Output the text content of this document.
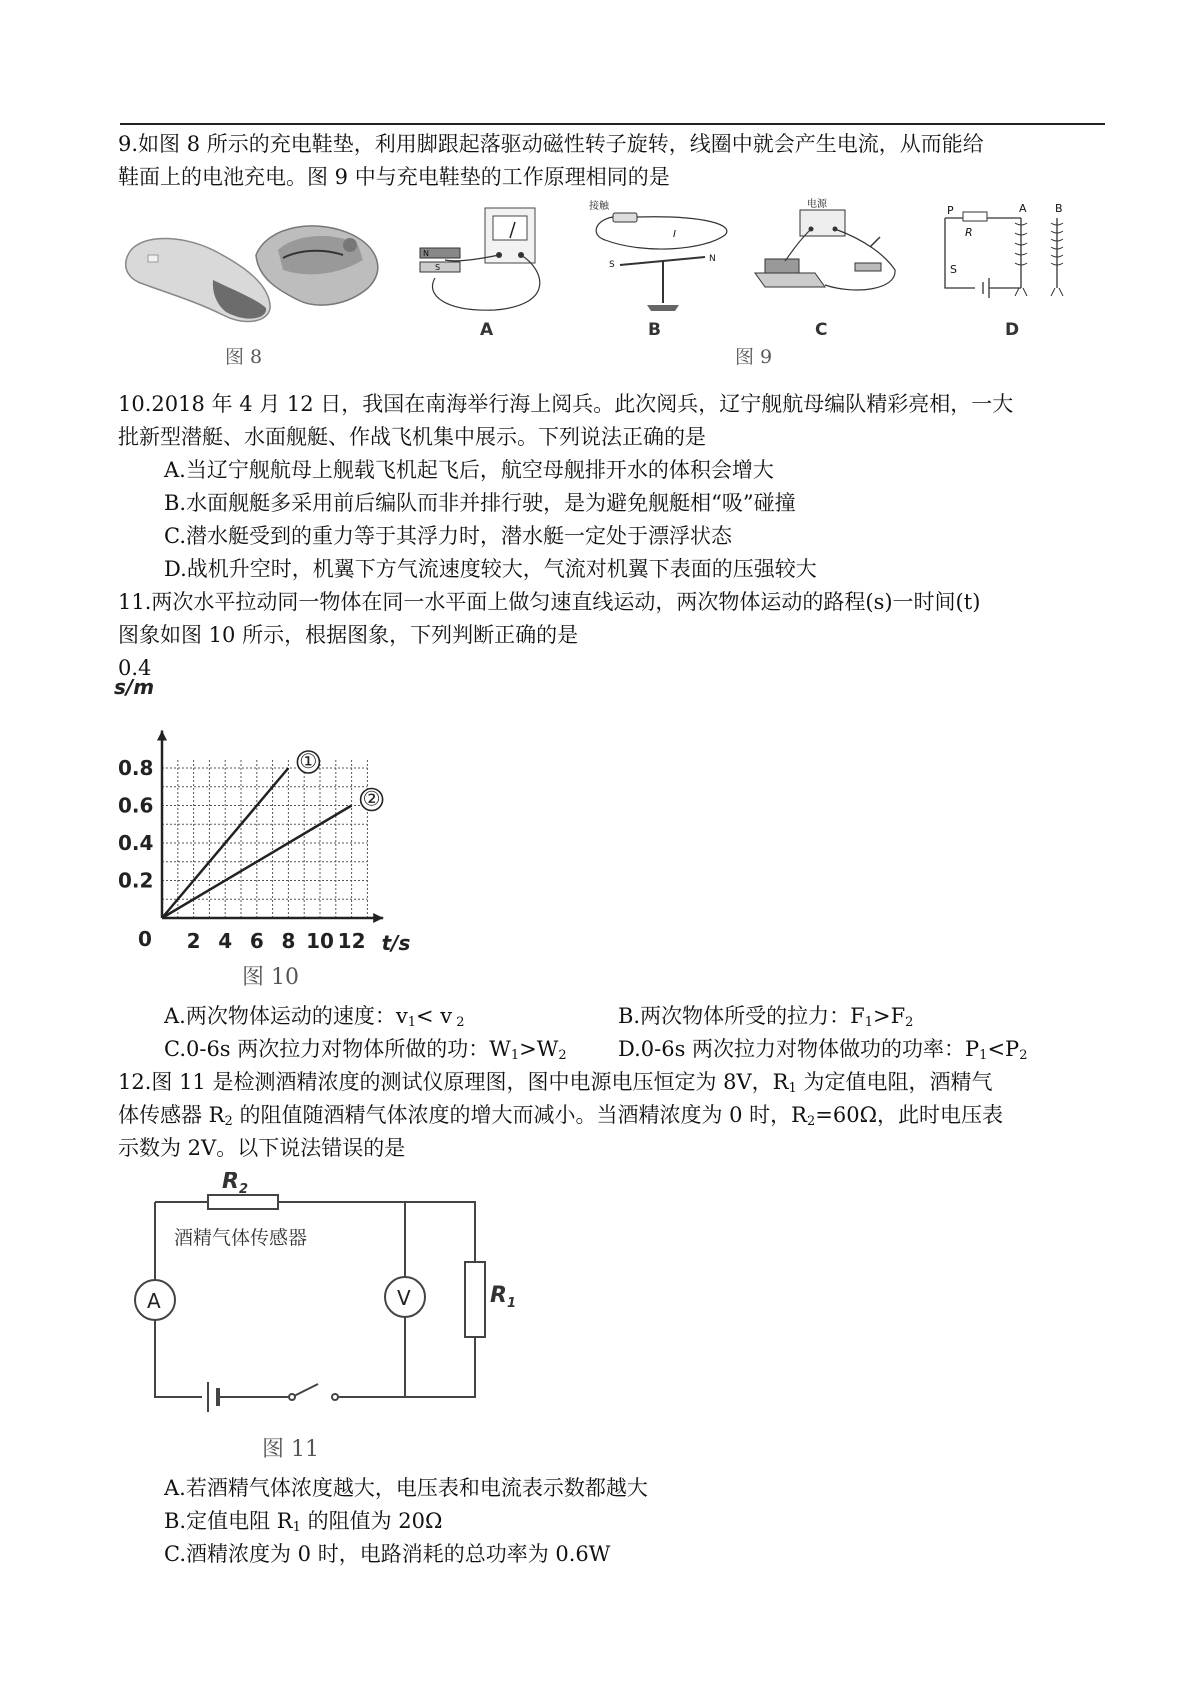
9.如图 8 所示的充电鞋垫，利用脚跟起落驱动磁性转子旋转，线圈中就会产生电流，从而能给
鞋面上的电池充电。图 9 中与充电鞋垫的工作原理相同的是
图 8
N
S
A
接触
I
S
N
B
电源
C
P
R
A	B
S
D
图 9
10.2018 年 4 月 12 日，我国在南海举行海上阅兵。此次阅兵，辽宁舰航母编队精彩亮相，一大
批新型潜艇、水面舰艇、作战飞机集中展示。下列说法正确的是
A.当辽宁舰航母上舰载飞机起飞后，航空母舰排开水的体积会增大
B.水面舰艇多采用前后编队而非并排行驶，是为避免舰艇相“吸”碰撞
C.潜水艇受到的重力等于其浮力时，潜水艇一定处于漂浮状态
D.战机升空时，机翼下方气流速度较大，气流对机翼下表面的压强较大
11.两次水平拉动同一物体在同一水平面上做匀速直线运动，两次物体运动的路程(s)一时间(t)
图象如图 10 所示，根据图象，下列判断正确的是
0.4
s/m
t/s
0 2 4 6 8 10 12
0.2
0.4
0.6
0.8	①
②
图 10
A.两次物体运动的速度：$v_1< v$ $_2$	B.两次物体所受的拉力：$F_1>F_2$
C.0-6s 两次拉力对物体所做的功：$W_1>W_2$ D.0-6s 两次拉力对物体做功的功率：$P_1<P_2$
12.图 11 是检测酒精浓度的测试仪原理图，图中电源电压恒定为 8V，$R_1$ 为定值电阻，酒精气
体传感器 $R_2$ 的阻值随酒精气体浓度的增大而减小。当酒精浓度为 0 时，$R_2=60\Omega$，此时电压表
示数为 2V。以下说法错误的是
A	V
$R_2$
$R_1$
酒精气体传感器
图 11
A.若酒精气体浓度越大，电压表和电流表示数都越大
B.定值电阻 $R_1$ 的阻值为 20Ω
C.酒精浓度为 0 时，电路消耗的总功率为 0.6W
